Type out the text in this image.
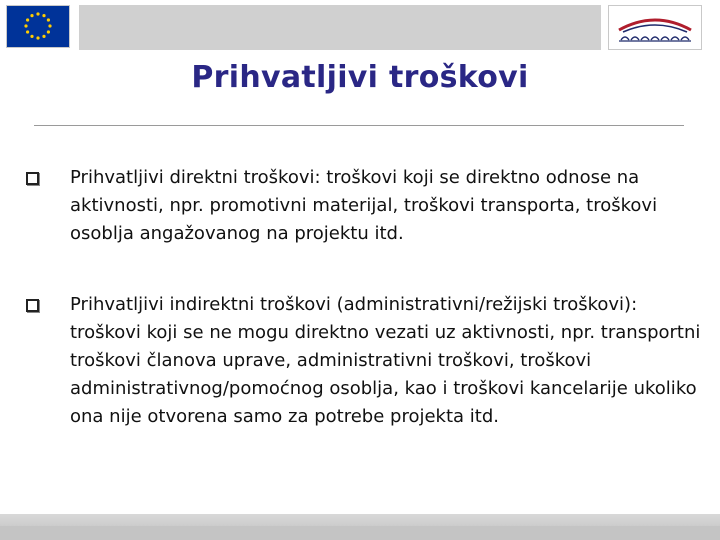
Prihvatljivi troškovi
Prihvatljivi direktni troškovi: troškovi koji se direktno odnose na aktivnosti, npr. promotivni materijal, troškovi transporta, troškovi osoblja angažovanog na projektu itd.
Prihvatljivi indirektni troškovi (administrativni/režijski troškovi): troškovi koji se ne mogu direktno vezati uz aktivnosti, npr. transportni troškovi članova uprave, administrativni troškovi, troškovi administrativnog/pomoćnog osoblja, kao i troškovi kancelarije ukoliko ona nije otvorena samo za potrebe projekta itd.
